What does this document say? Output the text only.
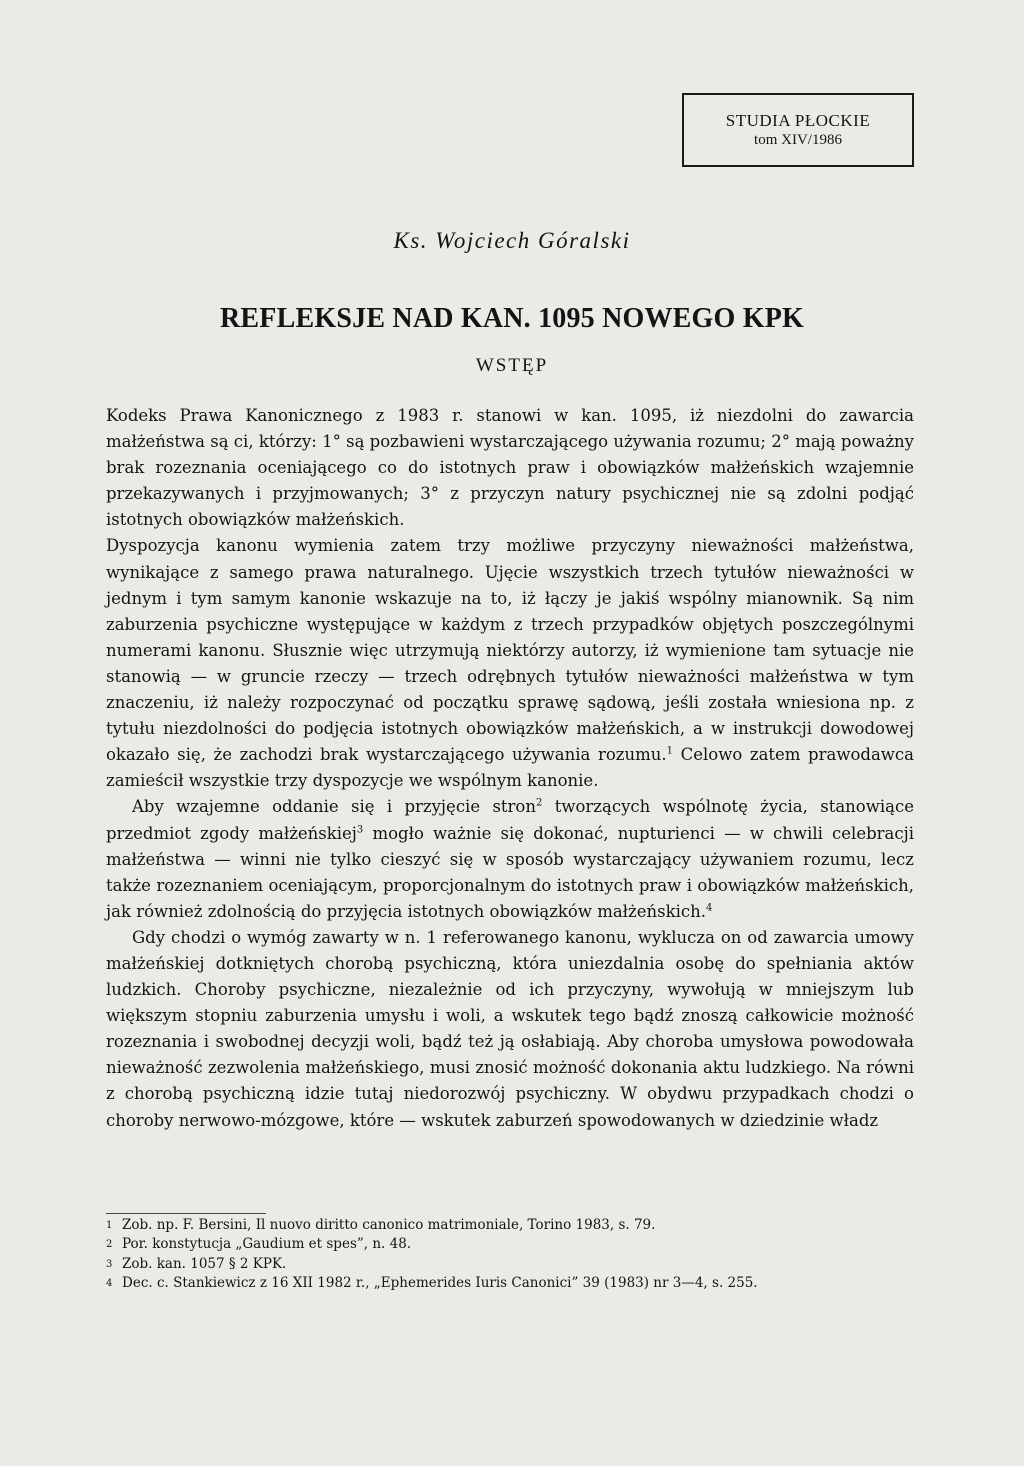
STUDIA PŁOCKIE
tom XIV/1986
Ks. Wojciech Góralski
REFLEKSJE NAD KAN. 1095 NOWEGO KPK
WSTĘP

Kodeks Prawa Kanonicznego z 1983 r. stanowi w kan. 1095, iż niezdolni do zawarcia małżeństwa są ci, którzy: 1° są pozbawieni wystarczającego używania rozumu; 2° mają poważny brak rozeznania oceniającego co do istotnych praw i obowiązków małżeńskich wzajemnie przekazywanych i przyjmowanych; 3° z przyczyn natury psychicznej nie są zdolni podjąć istotnych obowiązków małżeńskich.

Dyspozycja kanonu wymienia zatem trzy możliwe przyczyny nieważności małżeństwa, wynikające z samego prawa naturalnego. Ujęcie wszystkich trzech tytułów nieważności w jednym i tym samym kanonie wskazuje na to, iż łączy je jakiś wspólny mianownik. Są nim zaburzenia psychiczne występujące w każdym z trzech przypadków objętych poszczególnymi numerami kanonu. Słusznie więc utrzymują niektórzy autorzy, iż wymienione tam sytuacje nie stanowią — w gruncie rzeczy — trzech odrębnych tytułów nieważności małżeństwa w tym znaczeniu, iż należy rozpoczynać od początku sprawę sądową, jeśli została wniesiona np. z tytułu niezdolności do podjęcia istotnych obowiązków małżeńskich, a w instrukcji dowodowej okazało się, że zachodzi brak wystarczającego używania rozumu.$^1$ Celowo zatem prawodawca zamieścił wszystkie trzy dyspozycje we wspólnym kanonie.

Aby wzajemne oddanie się i przyjęcie stron$^2$ tworzących wspólnotę życia, stanowiące przedmiot zgody małżeńskiej$^3$ mogło ważnie się dokonać, nupturienci — w chwili celebracji małżeństwa — winni nie tylko cieszyć się w sposób wystarczający używaniem rozumu, lecz także rozeznaniem oceniającym, proporcjonalnym do istotnych praw i obowiązków małżeńskich, jak również zdolnością do przyjęcia istotnych obowiązków małżeńskich.$^4$

Gdy chodzi o wymóg zawarty w n. 1 referowanego kanonu, wyklucza on od zawarcia umowy małżeńskiej dotkniętych chorobą psychiczną, która uniezdalnia osobę do spełniania aktów ludzkich. Choroby psychiczne, niezależnie od ich przyczyny, wywołują w mniejszym lub większym stopniu zaburzenia umysłu i woli, a wskutek tego bądź znoszą całkowicie możność rozeznania i swobodnej decyzji woli, bądź też ją osłabiają. Aby choroba umysłowa powodowała nieważność zezwolenia małżeńskiego, musi znosić możność dokonania aktu ludzkiego. Na równi z chorobą psychiczną idzie tutaj niedorozwój psychiczny. W obydwu przypadkach chodzi o choroby nerwowo-mózgowe, które — wskutek zaburzeń spowodowanych w dziedzinie władz

1 Zob. np. F. Bersini, Il nuovo diritto canonico matrimoniale, Torino 1983, s. 79.

2 Por. konstytucja „Gaudium et spes”, n. 48.

3 Zob. kan. 1057 § 2 KPK.

4 Dec. c. Stankiewicz z 16 XII 1982 r., „Ephemerides Iuris Canonici” 39 (1983) nr 3—4, s. 255.
